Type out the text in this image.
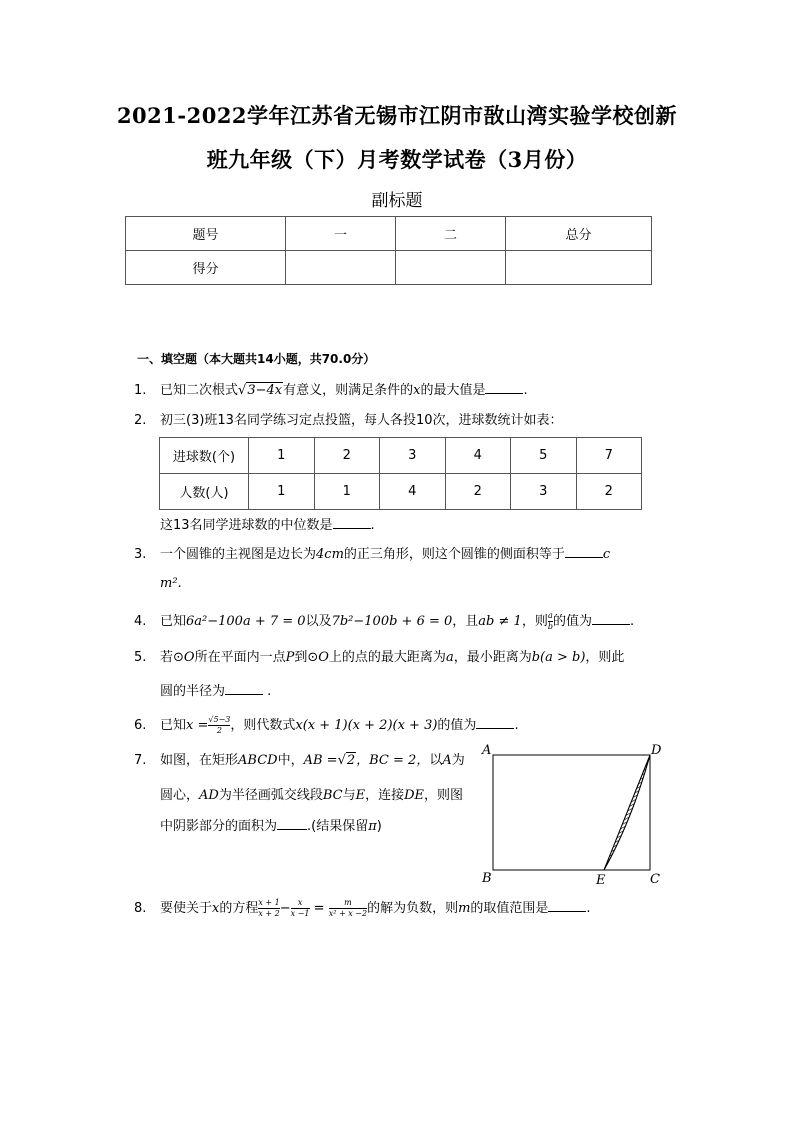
2021-2022学年江苏省无锡市江阴市敔山湾实验学校创新
班九年级（下）月考数学试卷（3月份）
副标题
题号	一	二	总分
得分			
一、填空题（本大题共14小题，共70.0分）
1. 已知二次根式√3−4x有意义，则满足条件的x的最大值是	.
2. 初三(3)班13名同学练习定点投篮，每人各投10次，进球数统计如表：
进球数(个)	1	2	3	4	5	7
人数(人)	1	1	4	2	3	2
这13名同学进球数的中位数是	.
3. 一个圆锥的主视图是边长为4cm的正三角形，则这个圆锥的侧面积等于	c
m².
4. 已知6a²−100a + 7 = 0以及7b²−100b + 6 = 0，且ab ≠ 1，则 $\frac{a}{b}$ 的值为	.
5. 若⊙O所在平面内一点P到⊙O上的点的最大距离为a，最小距离为b(a > b)，则此
圆的半径为	.
6. 已知$x = \frac{√5-3}{2}$ ，则代数式x(x + 1)(x + 2)(x + 3)的值为	.
7. 如图，在矩形ABCD中，AB =√2，BC = 2，以A为
圆心，AD为半径画弧交线段BC与E，连接DE，则图
中阴影部分的面积为 .(结果保留π)
A	D
B	E	C
8. 要使关于x的方程 $\frac{x + 1}{x + 2} - \frac{x}{x -1} = \frac{m}{\text{x² + x −2}}$ 的解为负数，则m的取值范围是	.
